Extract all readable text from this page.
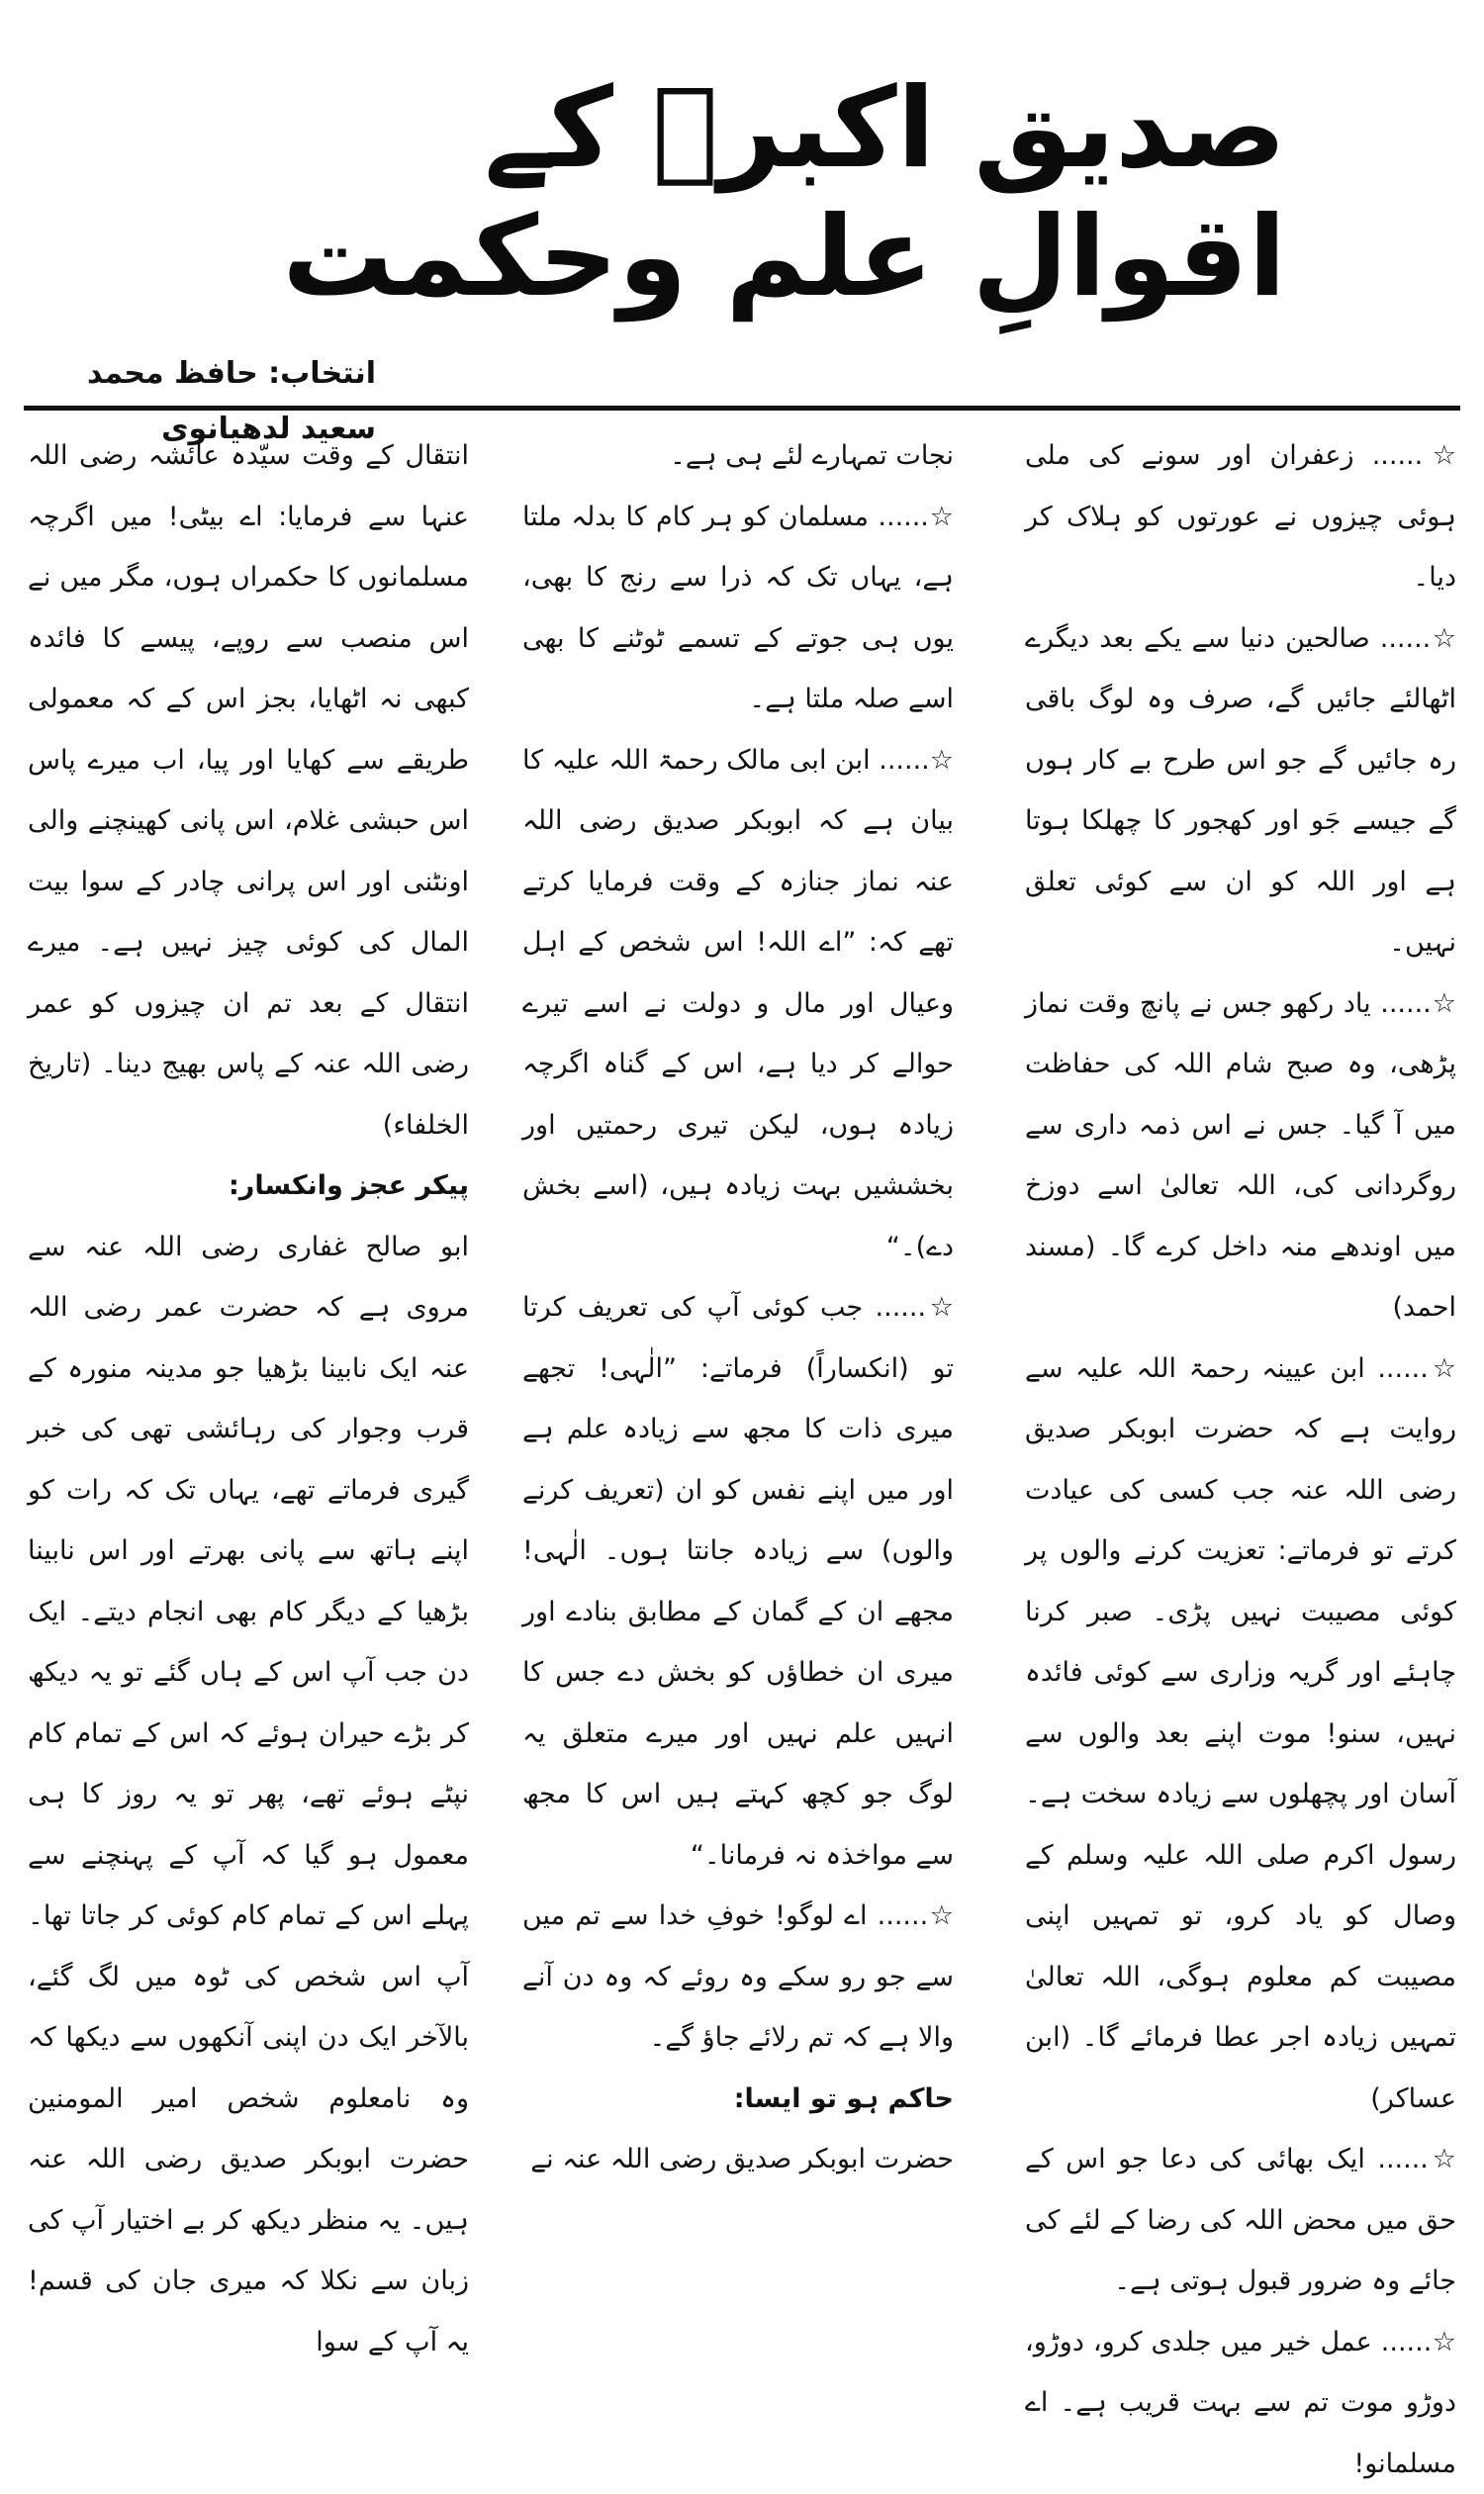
صدیق اکبرؓ کے اقوالِ علم وحکمت
انتخاب: حافظ محمد سعید لدھیانوی

☆...... زعفران اور سونے کی ملی ہوئی چیزوں نے عورتوں کو ہلاک کر دیا۔

☆...... صالحین دنیا سے یکے بعد دیگرے اٹھالئے جائیں گے، صرف وہ لوگ باقی رہ جائیں گے جو اس طرح بے کار ہوں گے جیسے جَو اور کھجور کا چھلکا ہوتا ہے اور اللہ کو ان سے کوئی تعلق نہیں۔

☆...... یاد رکھو جس نے پانچ وقت نماز پڑھی، وہ صبح شام اللہ کی حفاظت میں آ گیا۔ جس نے اس ذمہ داری سے روگردانی کی، اللہ تعالیٰ اسے دوزخ میں اوندھے منہ داخل کرے گا۔ (مسند احمد)

☆...... ابن عیینہ رحمۃ اللہ علیہ سے روایت ہے کہ حضرت ابوبکر صدیق رضی اللہ عنہ جب کسی کی عیادت کرتے تو فرماتے: تعزیت کرنے والوں پر کوئی مصیبت نہیں پڑی۔ صبر کرنا چاہئے اور گریہ وزاری سے کوئی فائدہ نہیں، سنو! موت اپنے بعد والوں سے آسان اور پچھلوں سے زیادہ سخت ہے۔ رسول اکرم صلی اللہ علیہ وسلم کے وصال کو یاد کرو، تو تمہیں اپنی مصیبت کم معلوم ہوگی، اللہ تعالیٰ تمہیں زیادہ اجر عطا فرمائے گا۔ (ابن عساکر)

☆...... ایک بھائی کی دعا جو اس کے حق میں محض اللہ کی رضا کے لئے کی جائے وہ ضرور قبول ہوتی ہے۔

☆...... عمل خیر میں جلدی کرو، دوڑو، دوڑو موت تم سے بہت قریب ہے۔ اے مسلمانو!

نجات تمہارے لئے ہی ہے۔

☆...... مسلمان کو ہر کام کا بدلہ ملتا ہے، یہاں تک کہ ذرا سے رنج کا بھی، یوں ہی جوتے کے تسمے ٹوٹنے کا بھی اسے صلہ ملتا ہے۔

☆...... ابن ابی مالک رحمۃ اللہ علیہ کا بیان ہے کہ ابوبکر صدیق رضی اللہ عنہ نماز جنازہ کے وقت فرمایا کرتے تھے کہ: ”اے اللہ! اس شخص کے اہل وعیال اور مال و دولت نے اسے تیرے حوالے کر دیا ہے، اس کے گناہ اگرچہ زیادہ ہوں، لیکن تیری رحمتیں اور بخششیں بہت زیادہ ہیں، (اسے بخش دے)۔“

☆...... جب کوئی آپ کی تعریف کرتا تو (انکساراً) فرماتے: ”الٰہی! تجھے میری ذات کا مجھ سے زیادہ علم ہے اور میں اپنے نفس کو ان (تعریف کرنے والوں) سے زیادہ جانتا ہوں۔ الٰہی! مجھے ان کے گمان کے مطابق بنادے اور میری ان خطاؤں کو بخش دے جس کا انہیں علم نہیں اور میرے متعلق یہ لوگ جو کچھ کہتے ہیں اس کا مجھ سے مواخذہ نہ فرمانا۔“

☆...... اے لوگو! خوفِ خدا سے تم میں سے جو رو سکے وہ روئے کہ وہ دن آنے والا ہے کہ تم رلائے جاؤ گے۔

حاکم ہو تو ایسا:

حضرت ابوبکر صدیق رضی اللہ عنہ نے

انتقال کے وقت سیّدہ عائشہ رضی اللہ عنہا سے فرمایا: اے بیٹی! میں اگرچہ مسلمانوں کا حکمراں ہوں، مگر میں نے اس منصب سے روپے، پیسے کا فائدہ کبھی نہ اٹھایا، بجز اس کے کہ معمولی طریقے سے کھایا اور پیا، اب میرے پاس اس حبشی غلام، اس پانی کھینچنے والی اونٹنی اور اس پرانی چادر کے سوا بیت المال کی کوئی چیز نہیں ہے۔ میرے انتقال کے بعد تم ان چیزوں کو عمر رضی اللہ عنہ کے پاس بھیج دینا۔ (تاریخ الخلفاء)

پیکر عجز وانکسار:

ابو صالح غفاری رضی اللہ عنہ سے مروی ہے کہ حضرت عمر رضی اللہ عنہ ایک نابینا بڑھیا جو مدینہ منورہ کے قرب وجوار کی رہائشی تھی کی خبر گیری فرماتے تھے، یہاں تک کہ رات کو اپنے ہاتھ سے پانی بھرتے اور اس نابینا بڑھیا کے دیگر کام بھی انجام دیتے۔ ایک دن جب آپ اس کے ہاں گئے تو یہ دیکھ کر بڑے حیران ہوئے کہ اس کے تمام کام نپٹے ہوئے تھے، پھر تو یہ روز کا ہی معمول ہو گیا کہ آپ کے پہنچنے سے پہلے اس کے تمام کام کوئی کر جاتا تھا۔ آپ اس شخص کی ٹوہ میں لگ گئے، بالآخر ایک دن اپنی آنکھوں سے دیکھا کہ وہ نامعلوم شخص امیر المومنین حضرت ابوبکر صدیق رضی اللہ عنہ ہیں۔ یہ منظر دیکھ کر بے اختیار آپ کی زبان سے نکلا کہ میری جان کی قسم! یہ آپ کے سوا
